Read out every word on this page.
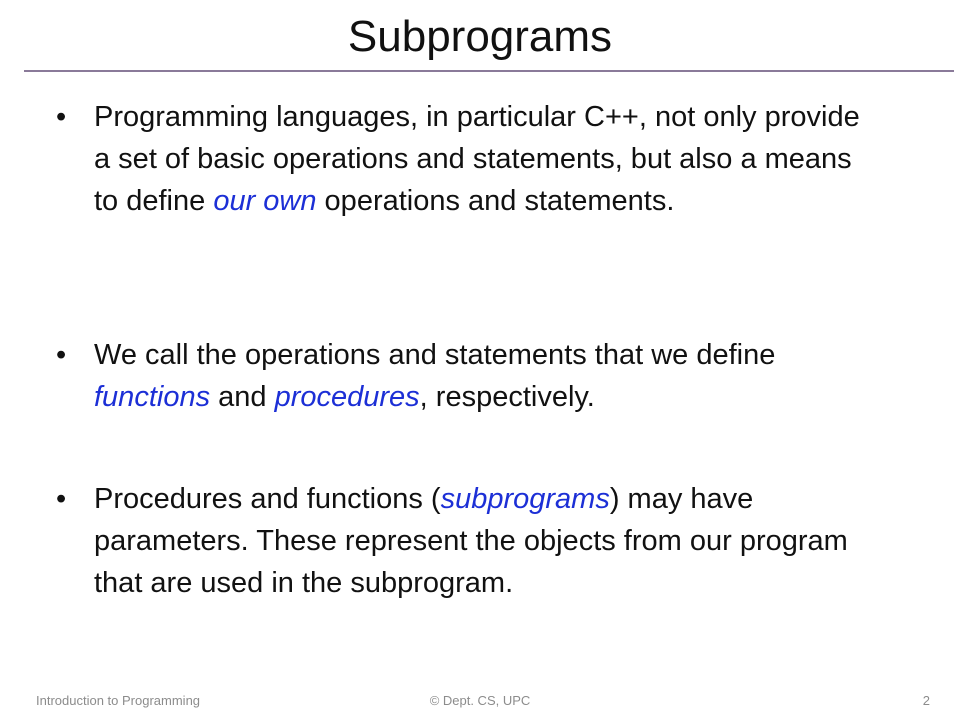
Subprograms
• Programming languages, in particular C++, not only provide a set of basic operations and statements, but also a means to define our own operations and statements.
• We call the operations and statements that we define functions and procedures, respectively.
• Procedures and functions (subprograms) may have parameters. These represent the objects from our program that are used in the subprogram.
Introduction to Programming	© Dept. CS, UPC	2
